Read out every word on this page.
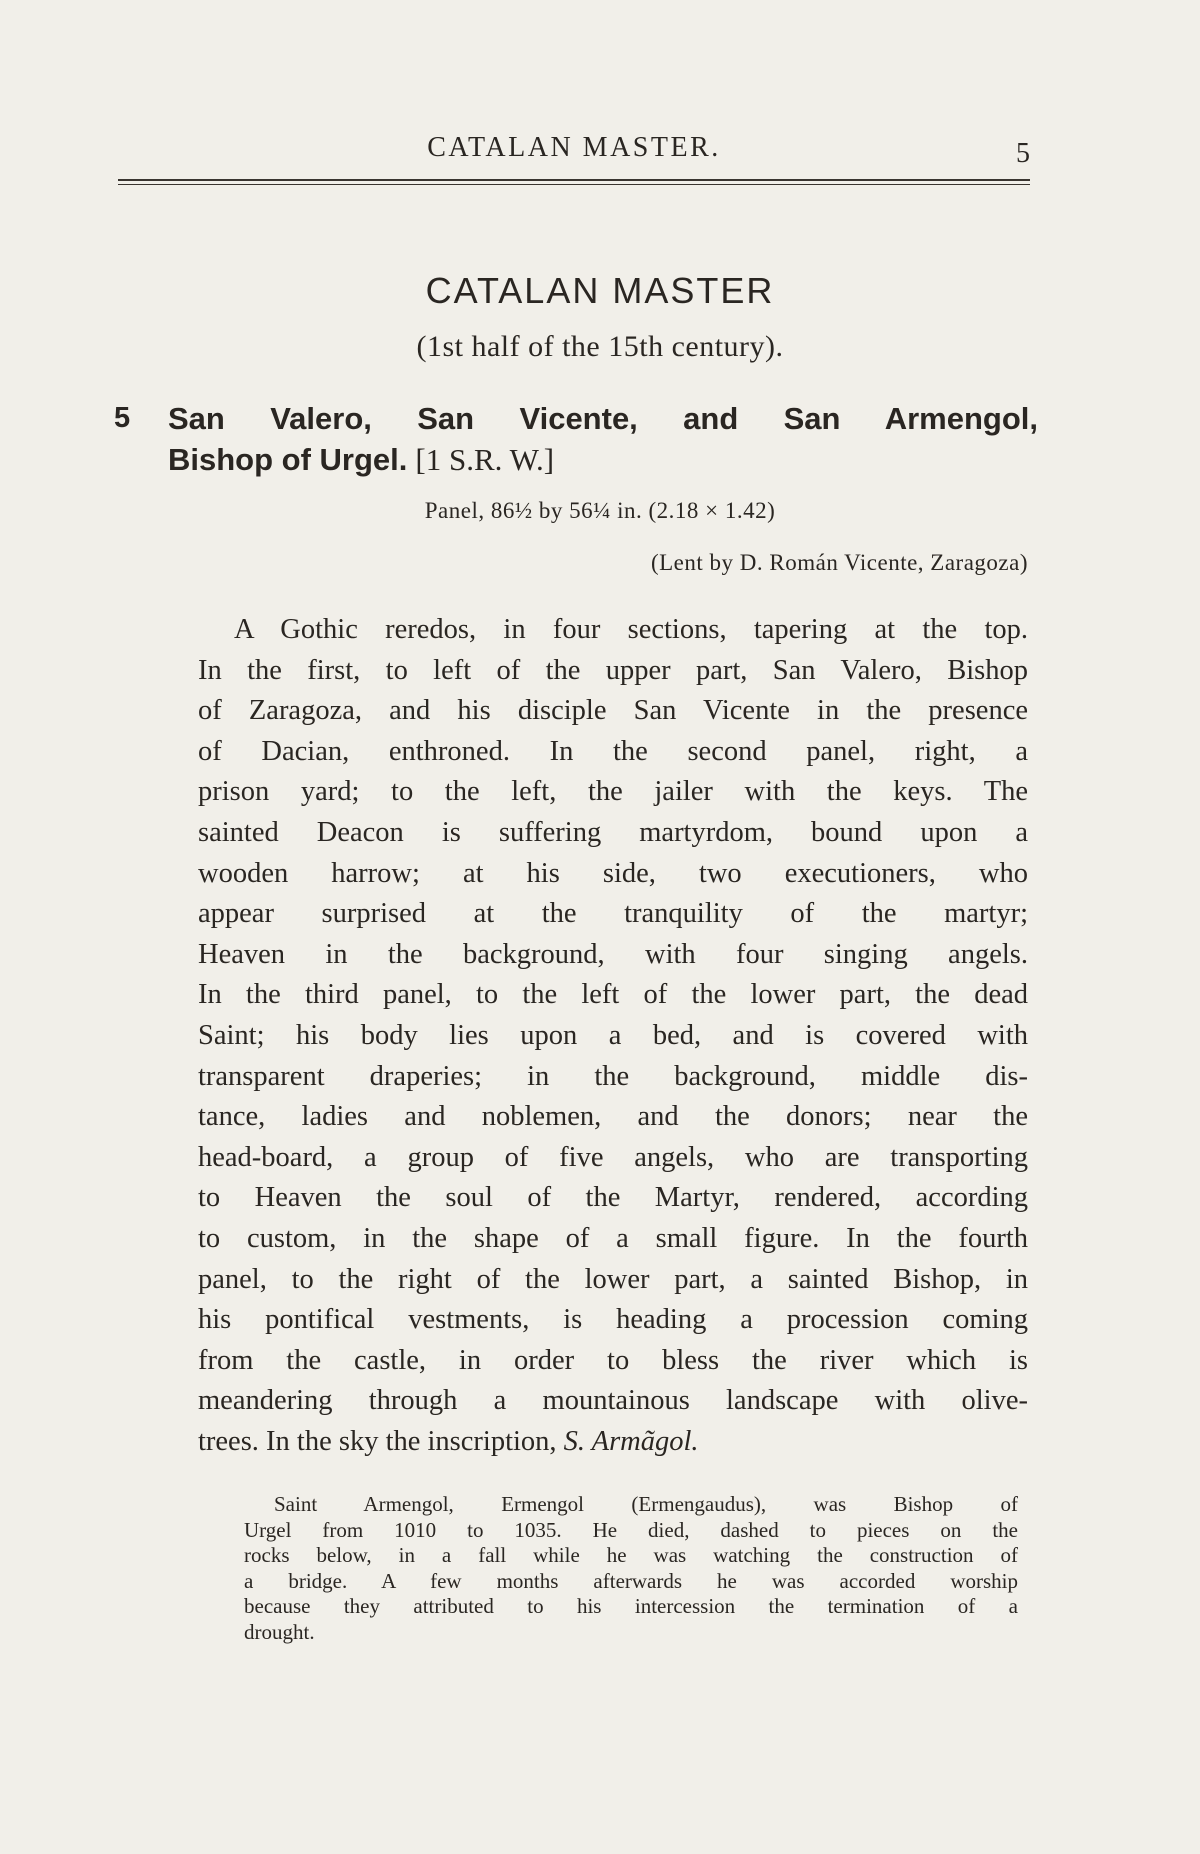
CATALAN MASTER.	5
CATALAN MASTER
(1st half of the 15th century).
5 San Valero, San Vicente, and San Armengol,
Bishop of Urgel. [1 S.R. W.]
Panel, 86½ by 56¼ in. (2.18 × 1.42)
(Lent by D. Román Vicente, Zaragoza)
A Gothic reredos, in four sections, tapering at the top.
In the first, to left of the upper part, San Valero, Bishop
of Zaragoza, and his disciple San Vicente in the presence
of Dacian, enthroned. In the second panel, right, a
prison yard; to the left, the jailer with the keys. The
sainted Deacon is suffering martyrdom, bound upon a
wooden harrow; at his side, two executioners, who
appear surprised at the tranquility of the martyr;
Heaven in the background, with four singing angels.
In the third panel, to the left of the lower part, the dead
Saint; his body lies upon a bed, and is covered with
transparent draperies; in the background, middle dis-
tance, ladies and noblemen, and the donors; near the
head-board, a group of five angels, who are transporting
to Heaven the soul of the Martyr, rendered, according
to custom, in the shape of a small figure. In the fourth
panel, to the right of the lower part, a sainted Bishop, in
his pontifical vestments, is heading a procession coming
from the castle, in order to bless the river which is
meandering through a mountainous landscape with olive-
trees. In the sky the inscription, S. Armãgol.
Saint Armengol, Ermengol (Ermengaudus), was Bishop of
Urgel from 1010 to 1035. He died, dashed to pieces on the
rocks below, in a fall while he was watching the construction of
a bridge. A few months afterwards he was accorded worship
because they attributed to his intercession the termination of a
drought.
